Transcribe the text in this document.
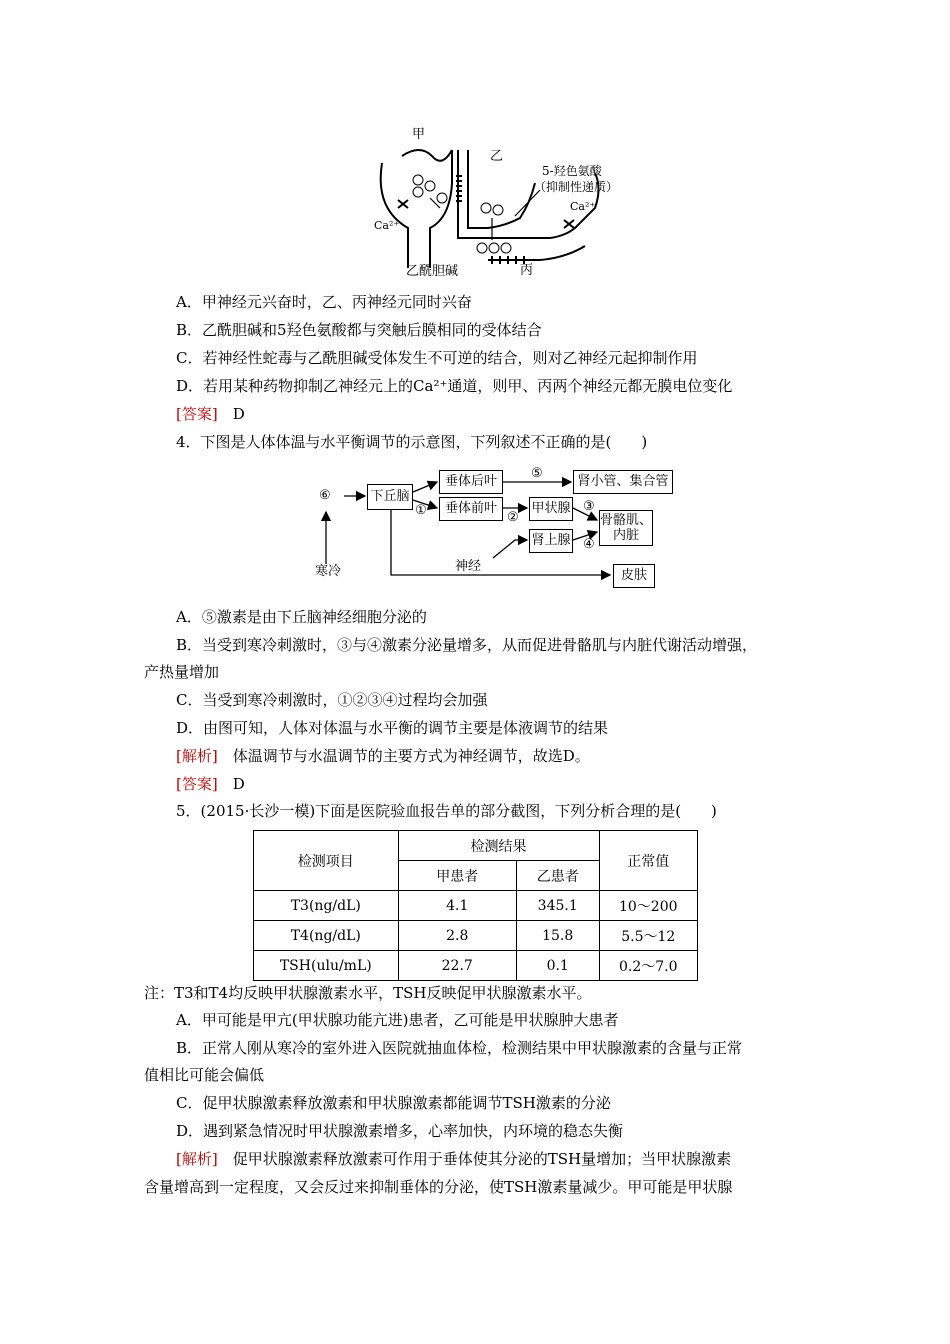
甲
乙
5-羟色氨酸
（抑制性递质）
Ca²⁺
Ca²⁺
乙酰胆碱	丙
A．甲神经元兴奋时，乙、丙神经元同时兴奋
B．乙酰胆碱和5羟色氨酸都与突触后膜相同的受体结合
C．若神经性蛇毒与乙酰胆碱受体发生不可逆的结合，则对乙神经元起抑制作用
D．若用某种药物抑制乙神经元上的Ca²⁺通道，则甲、丙两个神经元都无膜电位变化
[答案]　 D
4．下图是人体体温与水平衡调节的示意图，下列叙述不正确的是(　　)
⑥
寒冷
下丘脑
①
垂体后叶
垂体前叶
⑤
肾小管、集合管
②
甲状腺 ③
骨骼肌、
内脏
肾上腺 ④
神经
皮肤
A．⑤激素是由下丘脑神经细胞分泌的
B．当受到寒冷刺激时，③与④激素分泌量增多，从而促进骨骼肌与内脏代谢活动增强，
产热量增加
C．当受到寒冷刺激时，①②③④过程均会加强
D．由图可知，人体对体温与水平衡的调节主要是体液调节的结果
[解析]　体温调节与水温调节的主要方式为神经调节，故选D。
[答案]　 D
5．(2015·长沙一模)下面是医院验血报告单的部分截图，下列分析合理的是(　　)
检测项目	检测结果		正常值
	甲患者	乙患者	
T3(ng/dL)	4.1	345.1	10～200
T4(ng/dL)	2.8	15.8	5.5～12
TSH(ulu/mL)	22.7	0.1	0.2～7.0
注：T3和T4均反映甲状腺激素水平，TSH反映促甲状腺激素水平。
A．甲可能是甲亢(甲状腺功能亢进)患者，乙可能是甲状腺肿大患者
B．正常人刚从寒冷的室外进入医院就抽血体检，检测结果中甲状腺激素的含量与正常
值相比可能会偏低
C．促甲状腺激素释放激素和甲状腺激素都能调节TSH激素的分泌
D．遇到紧急情况时甲状腺激素增多，心率加快，内环境的稳态失衡
[解析]　促甲状腺激素释放激素可作用于垂体使其分泌的TSH量增加；当甲状腺激素
含量增高到一定程度，又会反过来抑制垂体的分泌，使TSH激素量减少。甲可能是甲状腺
